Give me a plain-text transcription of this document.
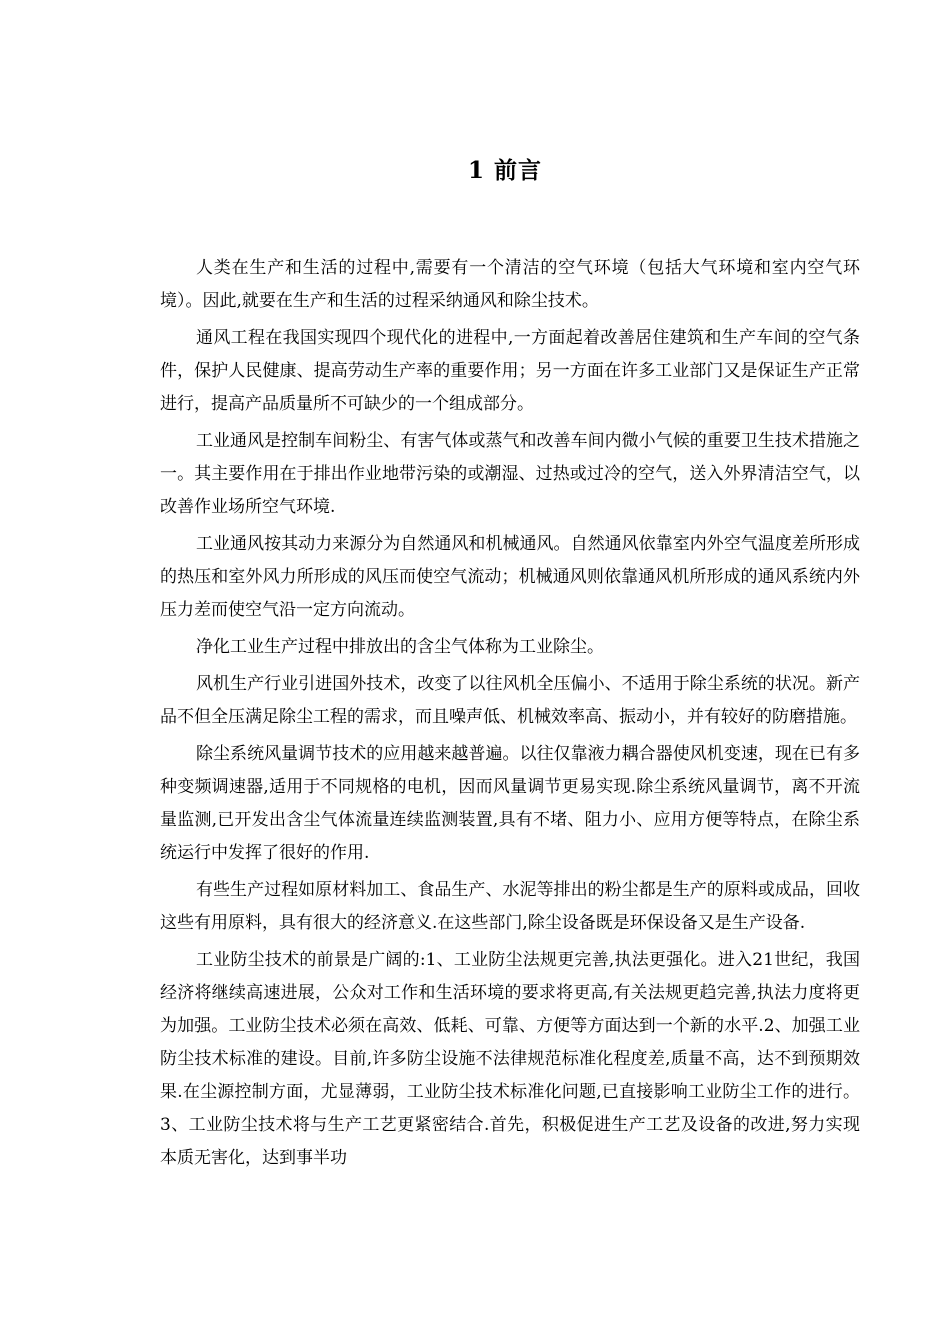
1 前言

人类在生产和生活的过程中,需要有一个清洁的空气环境（包括大气环境和室内空气环境）。因此,就要在生产和生活的过程采纳通风和除尘技术。

通风工程在我国实现四个现代化的进程中,一方面起着改善居住建筑和生产车间的空气条件，保护人民健康、提高劳动生产率的重要作用；另一方面在许多工业部门又是保证生产正常进行，提高产品质量所不可缺少的一个组成部分。

工业通风是控制车间粉尘、有害气体或蒸气和改善车间内微小气候的重要卫生技术措施之一。其主要作用在于排出作业地带污染的或潮湿、过热或过冷的空气，送入外界清洁空气，以改善作业场所空气环境.

工业通风按其动力来源分为自然通风和机械通风。自然通风依靠室内外空气温度差所形成的热压和室外风力所形成的风压而使空气流动；机械通风则依靠通风机所形成的通风系统内外压力差而使空气沿一定方向流动。

净化工业生产过程中排放出的含尘气体称为工业除尘。

风机生产行业引进国外技术，改变了以往风机全压偏小、不适用于除尘系统的状况。新产品不但全压满足除尘工程的需求，而且噪声低、机械效率高、振动小，并有较好的防磨措施。

除尘系统风量调节技术的应用越来越普遍。以往仅靠液力耦合器使风机变速，现在已有多种变频调速器,适用于不同规格的电机，因而风量调节更易实现.除尘系统风量调节，离不开流量监测,已开发出含尘气体流量连续监测装置,具有不堵、阻力小、应用方便等特点，在除尘系统运行中发挥了很好的作用.

有些生产过程如原材料加工、食品生产、水泥等排出的粉尘都是生产的原料或成品，回收这些有用原料，具有很大的经济意义.在这些部门,除尘设备既是环保设备又是生产设备.

工业防尘技术的前景是广阔的:1、工业防尘法规更完善,执法更强化。进入21世纪，我国经济将继续高速进展，公众对工作和生活环境的要求将更高,有关法规更趋完善,执法力度将更为加强。工业防尘技术必须在高效、低耗、可靠、方便等方面达到一个新的水平.2、加强工业防尘技术标准的建设。目前,许多防尘设施不法律规范标准化程度差,质量不高，达不到预期效果.在尘源控制方面，尤显薄弱，工业防尘技术标准化问题,已直接影响工业防尘工作的进行。3、工业防尘技术将与生产工艺更紧密结合.首先，积极促进生产工艺及设备的改进,努力实现本质无害化，达到事半功
